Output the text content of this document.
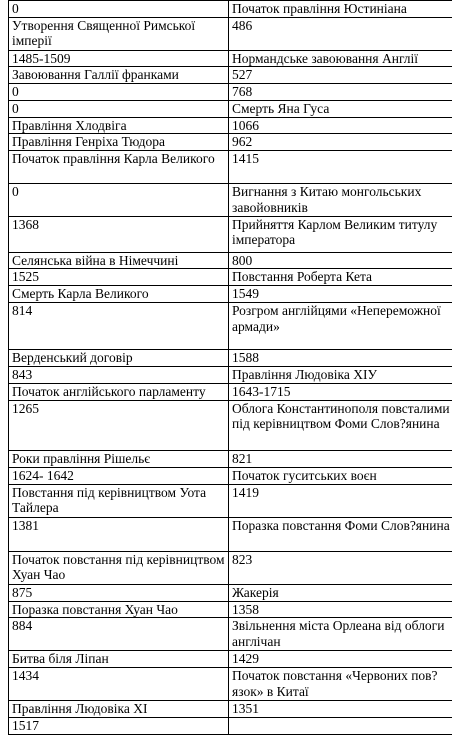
0	Початок правління Юстиніана
Утворення Священної Римської імперії	486
1485-1509	Нормандське завоювання Англії
Завоювання Галлії франками	527
0	768
0	Смерть Яна Гуса
Правління Хлодвіга	1066
Правління Генріха Тюдора	962
Початок правління Карла Великого	1415
0	Вигнання з Китаю монгольських завойовників
1368	Прийняття Карлом Великим титулу імператора
Селянська війна в Німеччині	800
1525	Повстання Роберта Кета
Смерть Карла Великого	1549
814	Розгром англійцями «Непереможної армади»
Верденський договір	1588
843	Правління Людовіка ХІУ
Початок англійського парламенту	1643-1715
1265	Облога Константинополя повсталими під керівництвом Фоми Слов?янина
Роки правління Рішельє	821
1624- 1642	Початок гуситських воєн
Повстання під керівництвом Уота Тайлера	1419
1381	Поразка повстання Фоми Слов?янина
Початок повстання під керівництвом Хуан Чао	823
875	Жакерія
Поразка повстання Хуан Чао	1358
884	Звільнення міста Орлеана від облоги англічан
Битва біля Ліпан	1429
1434	Початок повстання «Червоних пов?язок» в Китаї
Правління Людовіка ХІ	1351
1517	
